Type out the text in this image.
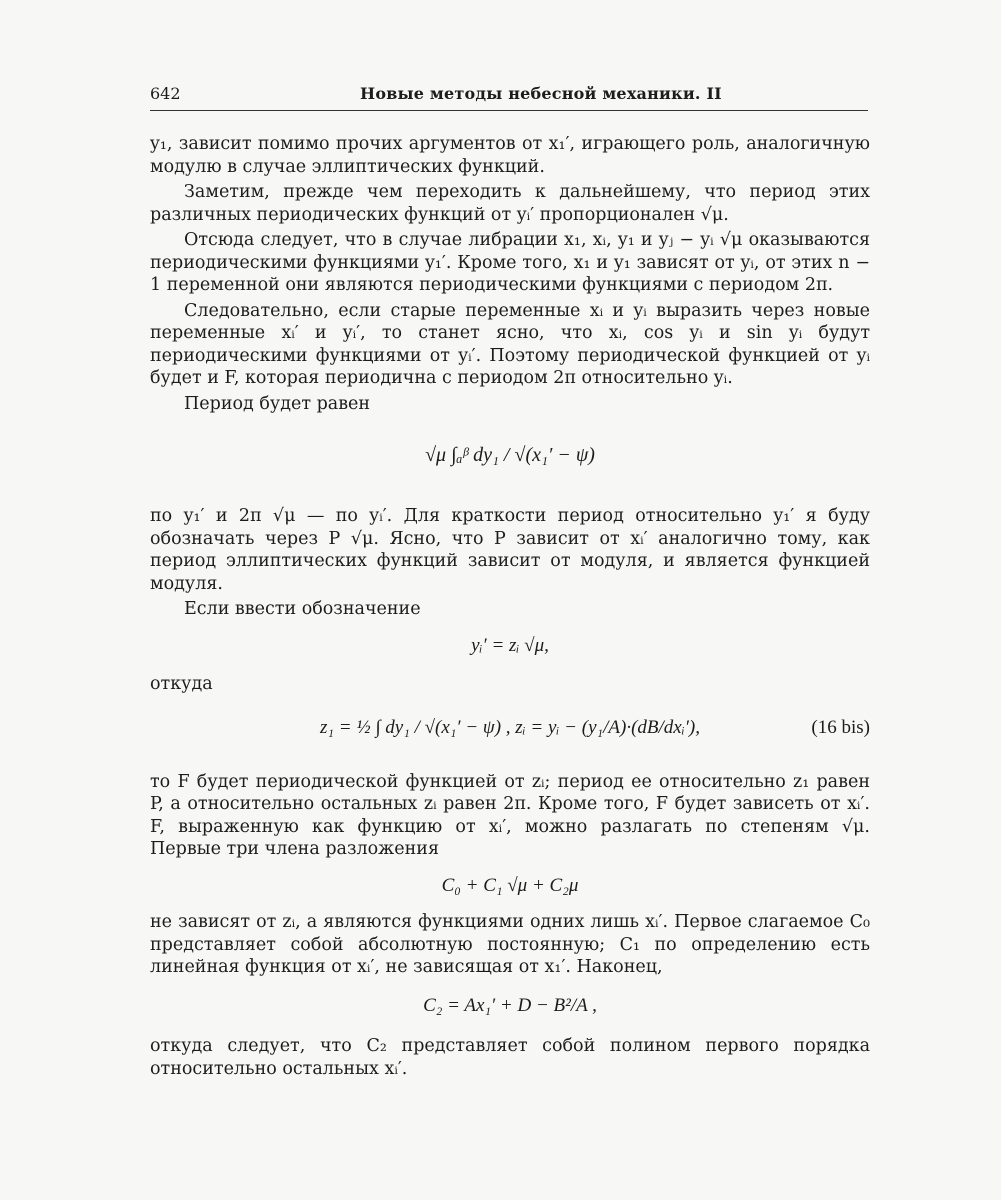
642	Новые методы небесной механики. II

y₁, зависит помимо прочих аргументов от x₁′, играющего роль, аналогичную модулю в случае эллиптических функций.

Заметим, прежде чем переходить к дальнейшему, что период этих различных периодических функций от yᵢ′ пропорционален √μ.

Отсюда следует, что в случае либрации x₁, xᵢ, y₁ и yⱼ − yᵢ √μ оказываются периодическими функциями y₁′. Кроме того, x₁ и y₁ зависят от yᵢ, от этих n − 1 переменной они являются периодическими функциями с периодом 2π.

Следовательно, если старые переменные xᵢ и yᵢ выразить через новые переменные xᵢ′ и yᵢ′, то станет ясно, что xᵢ, cos yᵢ и sin yᵢ будут периодическими функциями от yᵢ′. Поэтому периодической функцией от yᵢ будет и F, которая периодична с периодом 2π относительно yᵢ.

Период будет равен

√μ ∫ₐᵝ dy₁ / √(x₁′ − ψ)

по y₁′ и 2π √μ — по yᵢ′. Для краткости период относительно y₁′ я буду обозначать через P √μ. Ясно, что P зависит от xᵢ′ аналогично тому, как период эллиптических функций зависит от модуля, и является функцией модуля.

Если ввести обозначение

yᵢ′ = zᵢ √μ,

откуда

z₁ = ½ ∫ dy₁ / √(x₁′ − ψ) , zᵢ = yᵢ − (y₁/A)·(dB/dxᵢ′),	(16 bis)

то F будет периодической функцией от zᵢ; период ее относительно z₁ равен P, а относительно остальных zᵢ равен 2π. Кроме того, F будет зависеть от xᵢ′. F, выраженную как функцию от xᵢ′, можно разлагать по степеням √μ. Первые три члена разложения

C₀ + C₁ √μ + C₂μ

не зависят от zᵢ, а являются функциями одних лишь xᵢ′. Первое слагаемое C₀ представляет собой абсолютную постоянную; C₁ по определению есть линейная функция от xᵢ′, не зависящая от x₁′. Наконец,

C₂ = Ax₁′ + D − B²/A ,

откуда следует, что C₂ представляет собой полином первого порядка относительно остальных xᵢ′.
